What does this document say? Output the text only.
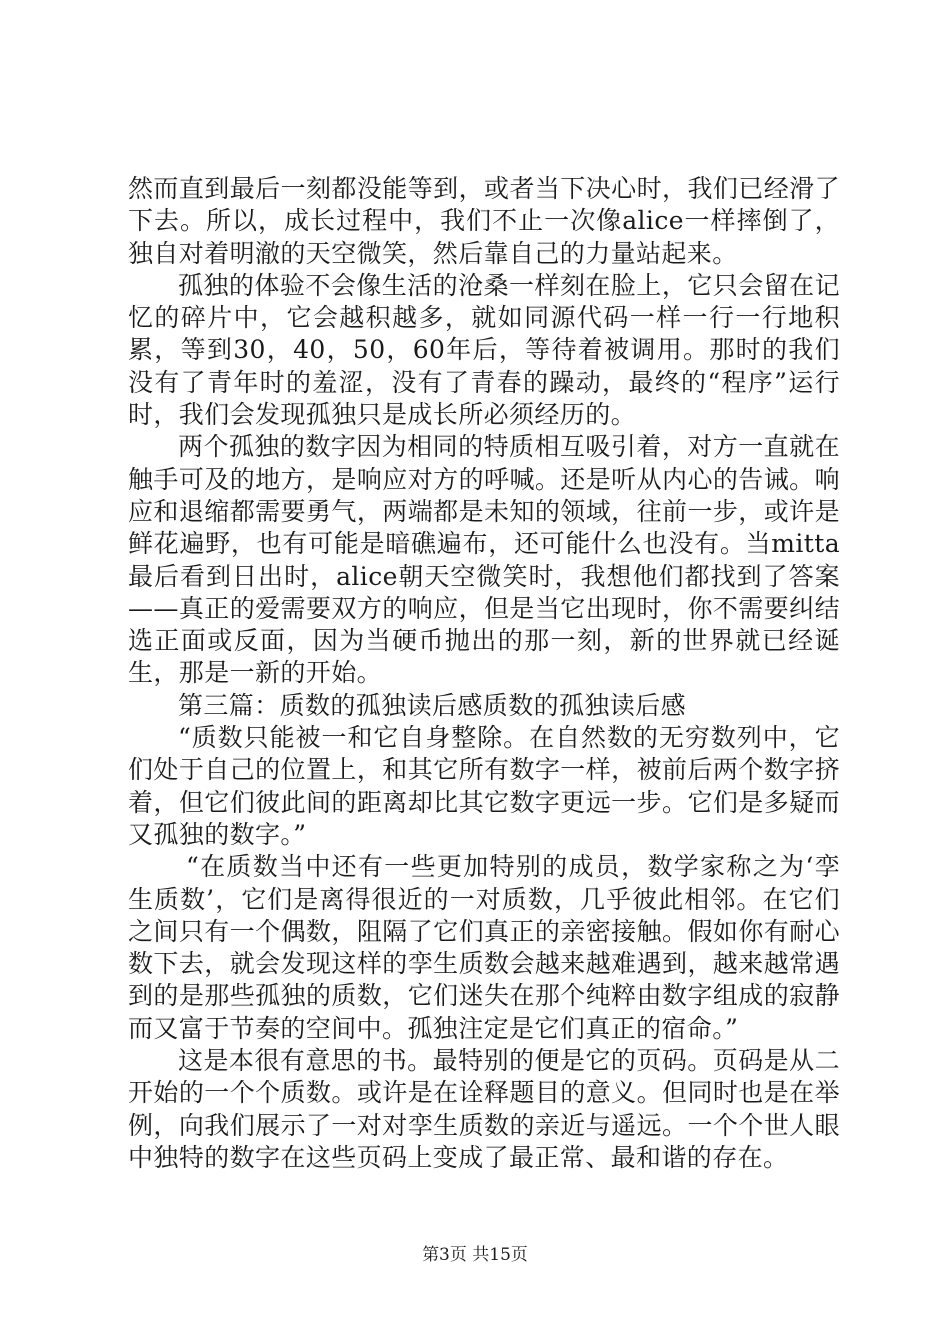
然而直到最后一刻都没能等到，或者当下决心时，我们已经滑了下去。所以，成长过程中，我们不止一次像alice一样摔倒了，独自对着明澈的天空微笑，然后靠自己的力量站起来。

孤独的体验不会像生活的沧桑一样刻在脸上，它只会留在记忆的碎片中，它会越积越多，就如同源代码一样一行一行地积累，等到30，40，50，60年后，等待着被调用。那时的我们没有了青年时的羞涩，没有了青春的躁动，最终的“程序”运行时，我们会发现孤独只是成长所必须经历的。

两个孤独的数字因为相同的特质相互吸引着，对方一直就在触手可及的地方，是响应对方的呼喊。还是听从内心的告诫。响应和退缩都需要勇气，两端都是未知的领域，往前一步，或许是鲜花遍野，也有可能是暗礁遍布，还可能什么也没有。当mitta最后看到日出时，alice朝天空微笑时，我想他们都找到了答案——真正的爱需要双方的响应，但是当它出现时，你不需要纠结选正面或反面，因为当硬币抛出的那一刻，新的世界就已经诞生，那是一新的开始。

第三篇：质数的孤独读后感质数的孤独读后感

“质数只能被一和它自身整除。在自然数的无穷数列中，它们处于自己的位置上，和其它所有数字一样，被前后两个数字挤着，但它们彼此间的距离却比其它数字更远一步。它们是多疑而又孤独的数字。”

“在质数当中还有一些更加特别的成员，数学家称之为‘孪生质数’，它们是离得很近的一对质数，几乎彼此相邻。在它们之间只有一个偶数，阻隔了它们真正的亲密接触。假如你有耐心数下去，就会发现这样的孪生质数会越来越难遇到，越来越常遇到的是那些孤独的质数，它们迷失在那个纯粹由数字组成的寂静而又富于节奏的空间中。孤独注定是它们真正的宿命。”

这是本很有意思的书。最特别的便是它的页码。页码是从二开始的一个个质数。或许是在诠释题目的意义。但同时也是在举例，向我们展示了一对对孪生质数的亲近与遥远。一个个世人眼中独特的数字在这些页码上变成了最正常、最和谐的存在。

第3页 共15页
